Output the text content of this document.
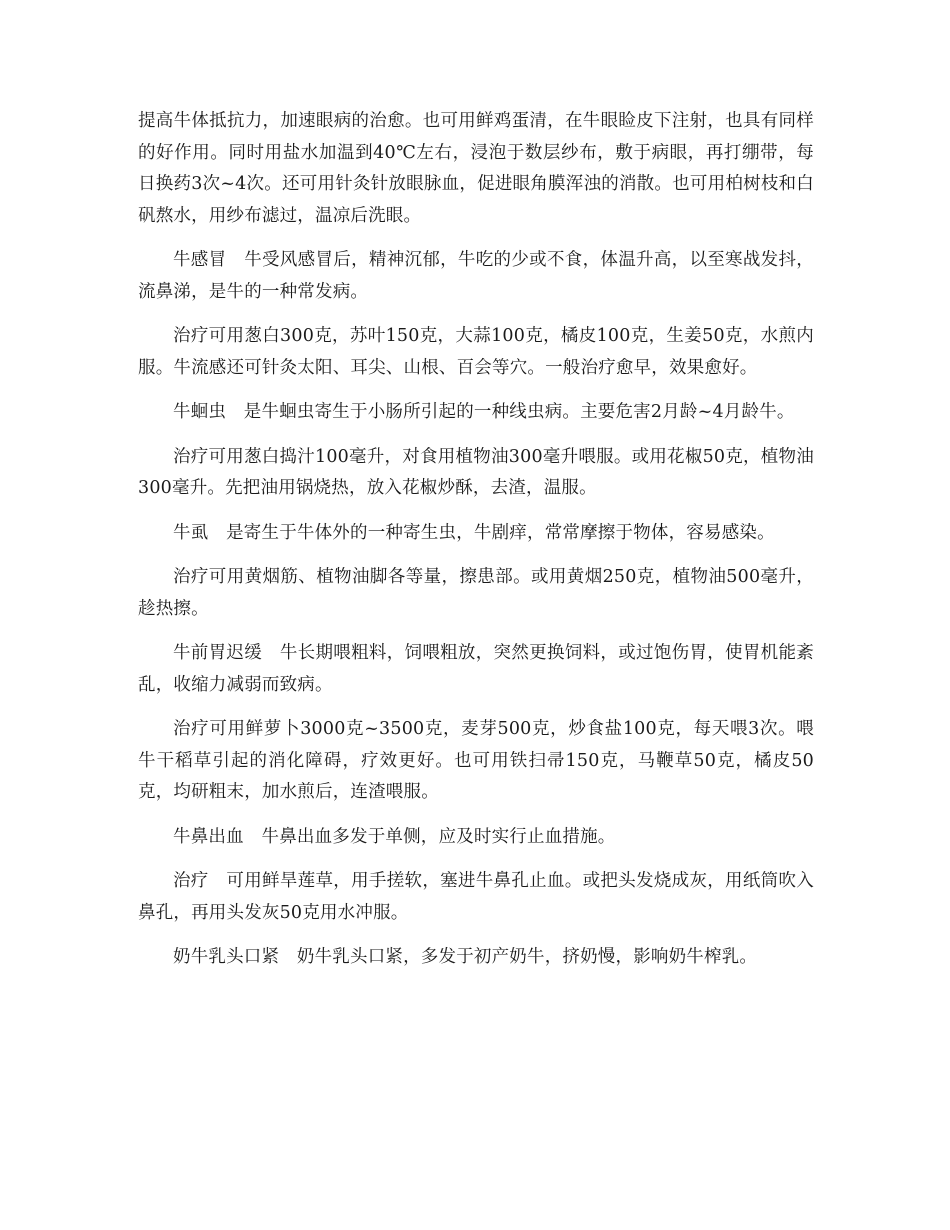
提高牛体抵抗力，加速眼病的治愈。也可用鲜鸡蛋清，在牛眼睑皮下注射，也具有同样的好作用。同时用盐水加温到40℃左右，浸泡于数层纱布，敷于病眼，再打绷带，每日换药3次~4次。还可用针灸针放眼脉血，促进眼角膜浑浊的消散。也可用柏树枝和白矾熬水，用纱布滤过，温凉后洗眼。

牛感冒　牛受风感冒后，精神沉郁，牛吃的少或不食，体温升高，以至寒战发抖，流鼻涕，是牛的一种常发病。

治疗可用葱白300克，苏叶150克，大蒜100克，橘皮100克，生姜50克，水煎内服。牛流感还可针灸太阳、耳尖、山根、百会等穴。一般治疗愈早，效果愈好。

牛蛔虫　是牛蛔虫寄生于小肠所引起的一种线虫病。主要危害2月龄~4月龄牛。

治疗可用葱白捣汁100毫升，对食用植物油300毫升喂服。或用花椒50克，植物油300毫升。先把油用锅烧热，放入花椒炒酥，去渣，温服。

牛虱　是寄生于牛体外的一种寄生虫，牛剧痒，常常摩擦于物体，容易感染。

治疗可用黄烟筋、植物油脚各等量，擦患部。或用黄烟250克，植物油500毫升，趁热擦。

牛前胃迟缓　牛长期喂粗料，饲喂粗放，突然更换饲料，或过饱伤胃，使胃机能紊乱，收缩力减弱而致病。

治疗可用鲜萝卜3000克~3500克，麦芽500克，炒食盐100克，每天喂3次。喂牛干稻草引起的消化障碍，疗效更好。也可用铁扫帚150克，马鞭草50克，橘皮50克，均研粗末，加水煎后，连渣喂服。

牛鼻出血　牛鼻出血多发于单侧，应及时实行止血措施。

治疗　可用鲜旱莲草，用手搓软，塞进牛鼻孔止血。或把头发烧成灰，用纸筒吹入鼻孔，再用头发灰50克用水冲服。

奶牛乳头口紧　奶牛乳头口紧，多发于初产奶牛，挤奶慢，影响奶牛榨乳。
